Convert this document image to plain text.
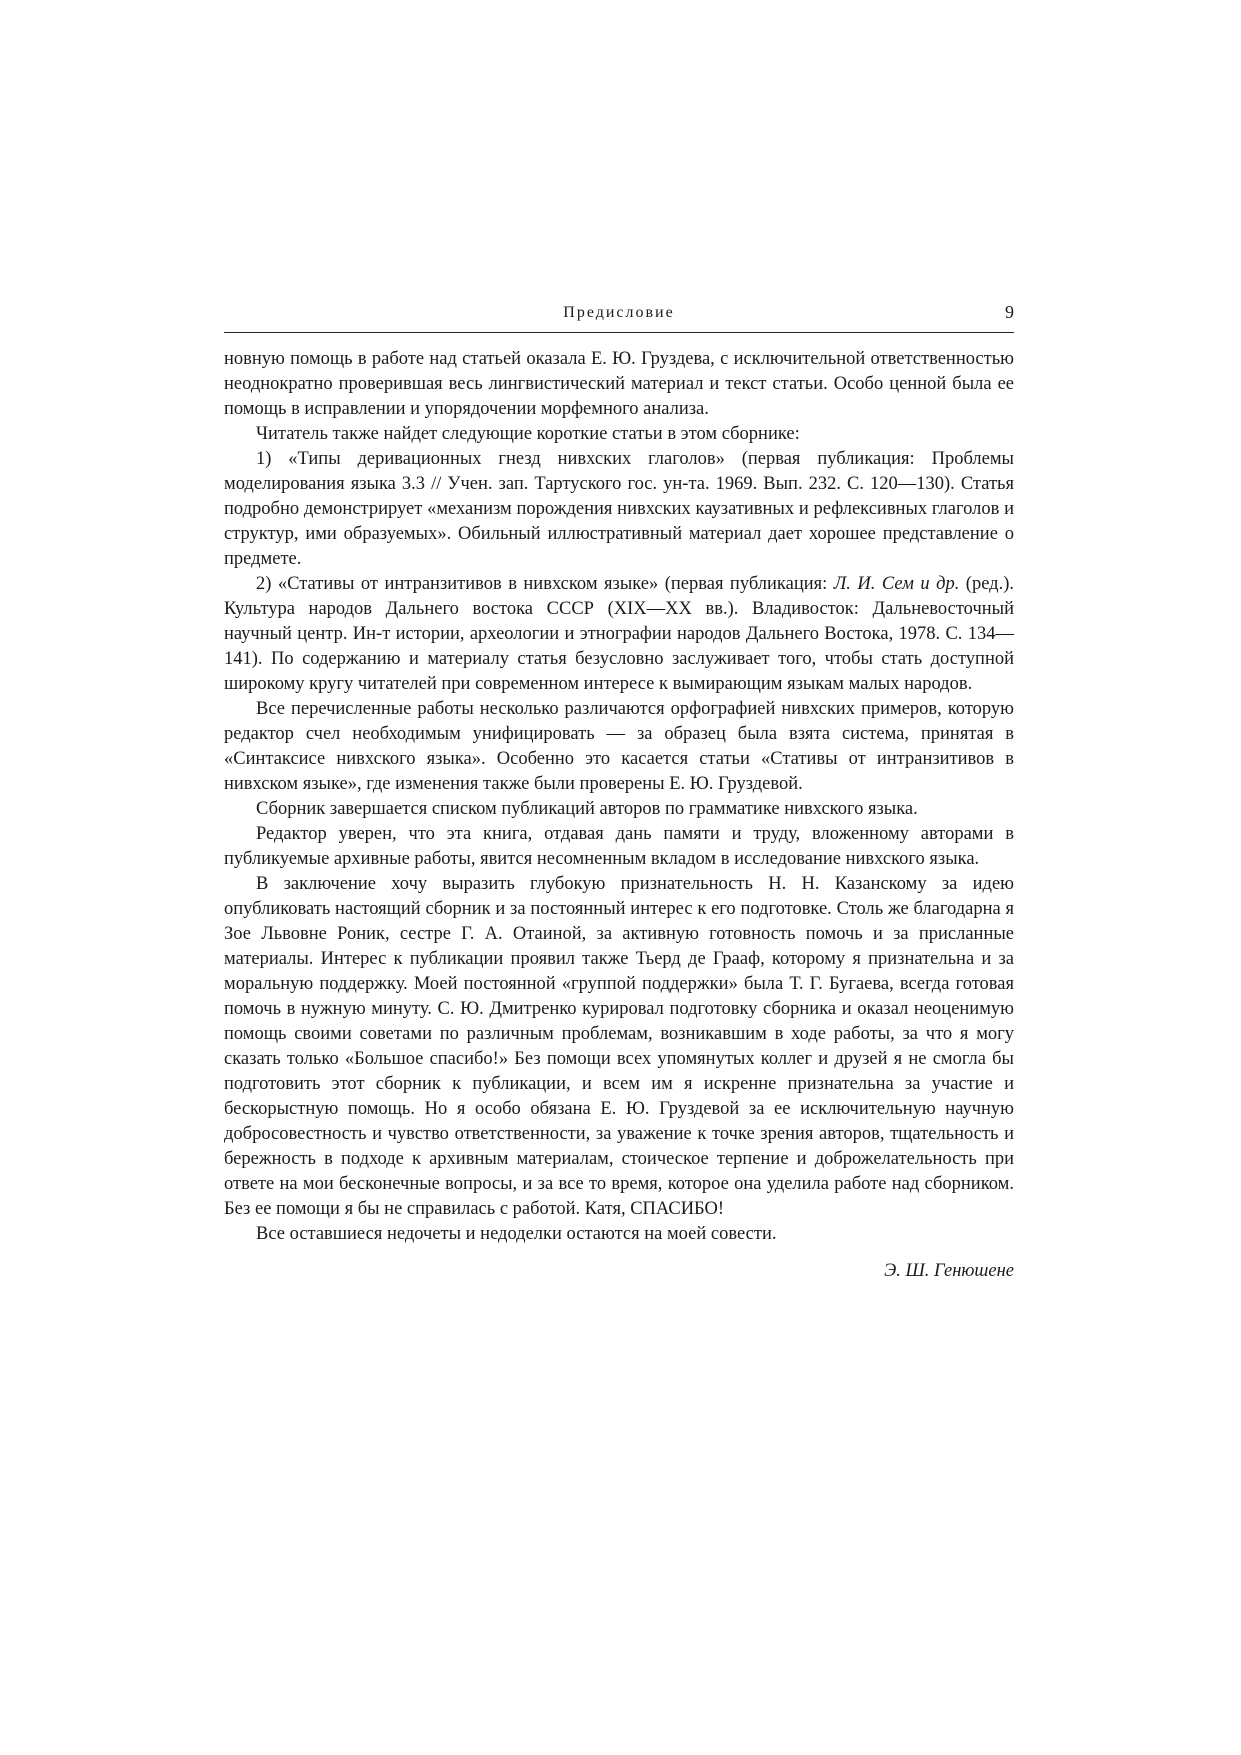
Предисловие	9

новную помощь в работе над статьей оказала Е. Ю. Груздева, с исключительной ответственностью неоднократно проверившая весь лингвистический материал и текст статьи. Особо ценной была ее помощь в исправлении и упорядочении морфемного анализа.

Читатель также найдет следующие короткие статьи в этом сборнике:

1) «Типы деривационных гнезд нивхских глаголов» (первая публикация: Проблемы моделирования языка 3.3 // Учен. зап. Тартуского гос. ун-та. 1969. Вып. 232. С. 120—130). Статья подробно демонстрирует «механизм порождения нивхских каузативных и рефлексивных глаголов и структур, ими образуемых». Обильный иллюстративный материал дает хорошее представление о предмете.

2) «Стативы от интранзитивов в нивхском языке» (первая публикация: Л. И. Сем и др. (ред.). Культура народов Дальнего востока СССР (XIX—XX вв.). Владивосток: Дальневосточный научный центр. Ин-т истории, археологии и этнографии народов Дальнего Востока, 1978. С. 134—141). По содержанию и материалу статья безусловно заслуживает того, чтобы стать доступной широкому кругу читателей при современном интересе к вымирающим языкам малых народов.

Все перечисленные работы несколько различаются орфографией нивхских примеров, которую редактор счел необходимым унифицировать — за образец была взята система, принятая в «Синтаксисе нивхского языка». Особенно это касается статьи «Стативы от интранзитивов в нивхском языке», где изменения также были проверены Е. Ю. Груздевой.

Сборник завершается списком публикаций авторов по грамматике нивхского языка.

Редактор уверен, что эта книга, отдавая дань памяти и труду, вложенному авторами в публикуемые архивные работы, явится несомненным вкладом в исследование нивхского языка.

В заключение хочу выразить глубокую признательность Н. Н. Казанскому за идею опубликовать настоящий сборник и за постоянный интерес к его подготовке. Столь же благодарна я Зое Львовне Роник, сестре Г. А. Отаиной, за активную готовность помочь и за присланные материалы. Интерес к публикации проявил также Тьерд де Грааф, которому я признательна и за моральную поддержку. Моей постоянной «группой поддержки» была Т. Г. Бугаева, всегда готовая помочь в нужную минуту. С. Ю. Дмитренко курировал подготовку сборника и оказал неоценимую помощь своими советами по различным проблемам, возникавшим в ходе работы, за что я могу сказать только «Большое спасибо!» Без помощи всех упомянутых коллег и друзей я не смогла бы подготовить этот сборник к публикации, и всем им я искренне признательна за участие и бескорыстную помощь. Но я особо обязана Е. Ю. Груздевой за ее исключительную научную добросовестность и чувство ответственности, за уважение к точке зрения авторов, тщательность и бережность в подходе к архивным материалам, стоическое терпение и доброжелательность при ответе на мои бесконечные вопросы, и за все то время, которое она уделила работе над сборником. Без ее помощи я бы не справилась с работой. Катя, СПАСИБО!

Все оставшиеся недочеты и недоделки остаются на моей совести.

Э. Ш. Генюшене
